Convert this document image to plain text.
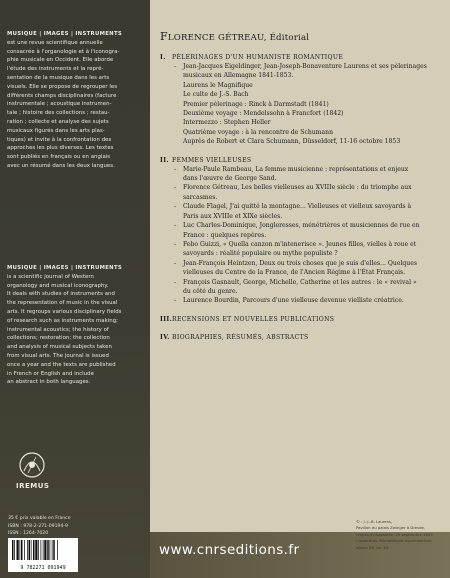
MUSIQUE | IMAGES | INSTRUMENTS
est une revue scientifique annuelle
consacrée à l'organologie et à l'iconogra-
phie musicale en Occident. Elle aborde
l'étude des instruments et la repré-
sentation de la musique dans les arts
visuels. Elle se propose de regrouper les
différents champs disciplinaires (facture
instrumentale ; acoustique instrumen-
tale ; histoire des collections ; restau-
ration ; collecte et analyse des sujets
musicaux figurés dans les arts plas-
tiques) et invite à la confrontation des
approches les plus diverses. Les textes
sont publiés en français ou en anglais
avec un résumé dans les deux langues.
MUSIQUE | IMAGES | INSTRUMENTS
is a scientific journal of Western
organology and musical iconography.
It deals with studies of instruments and
the representation of music in the visual
arts. It regroups various disciplinary fields
of research such as instruments making;
instrumental acoustics; the history of
collections; restoration; the collection
and analysis of musical subjects taken
from visual arts. The journal is issued
once a year and the texts are published
in French or English and include
an abstract in both languages.
IREMUS
35 € prix valable en France
ISBN : 978-2-271-09194-9
ISSN : 1264-7020
9 782271 091949
FLORENCE GÉTREAU, Éditorial
I.	PÈLERINAGES D'UN HUMANISTE ROMANTIQUE
- Jean-Jacques Eigeldinger, Jean-Joseph-Bonaventure Laurens et ses pèlerinages
musicaux en Allemagne 1841-1853.
Laurens le Magnifique
Le culte de J.-S. Bach
Premier pèlerinage : Rinck à Darmstadt (1841)
Deuxième voyage : Mendelssohn à Francfort (1842)
Intermezzo : Stephen Heller
Quatrième voyage : à la rencontre de Schumann
Auprès de Robert et Clara Schumann, Düsseldorf, 11-16 octobre 1853
II. FEMMES VIELLEUSES
- Marie-Paule Rambeau, La femme musicienne : représentations et enjeux
dans l'œuvre de George Sand.
- Florence Gétreau, Les belles vielleuses au XVIIIe siècle : du triomphe aux
sarcasmes.
- Claude Flagel, J'ai quitté la montagne... Vielleuses et vielleux savoyards à
Paris aux XVIIIe et XIXe siècles.
- Luc Charles-Dominique, Jongleresses, ménétrières et musiciennes de rue en
France : quelques repères.
- Febo Guizzi, « Quella canzon m'intenerisce ». Jeunes filles, vielles à roue et
savoyards : réalité populaire ou mythe populiste ?
- Jean-François Heintzen, Deux ou trois choses que je suis d'elles... Quelques
vielleuses du Centre de la France, de l'Ancien Régime à l'État Français.
- François Gasnault, George, Michelle, Catherine et les autres : le « revival »
du côté du genre.
- Laurence Bourdin, Parcours d'une vielleuse devenue vielliste créatrice.
III. RECENSIONS ET NOUVELLES PUBLICATIONS
IV. BIOGRAPHIES, RÉSUMÉS, ABSTRACTS
www.cnrseditions.fr
© : J.-J.-B. Laurens,
Pavillon du palais Zwinger à Dresde,
crayon et aquarelle, 29 septembre 1853.
Carpentras, Bibliothèque Inguimbertine,
album 85, fol. 64.
